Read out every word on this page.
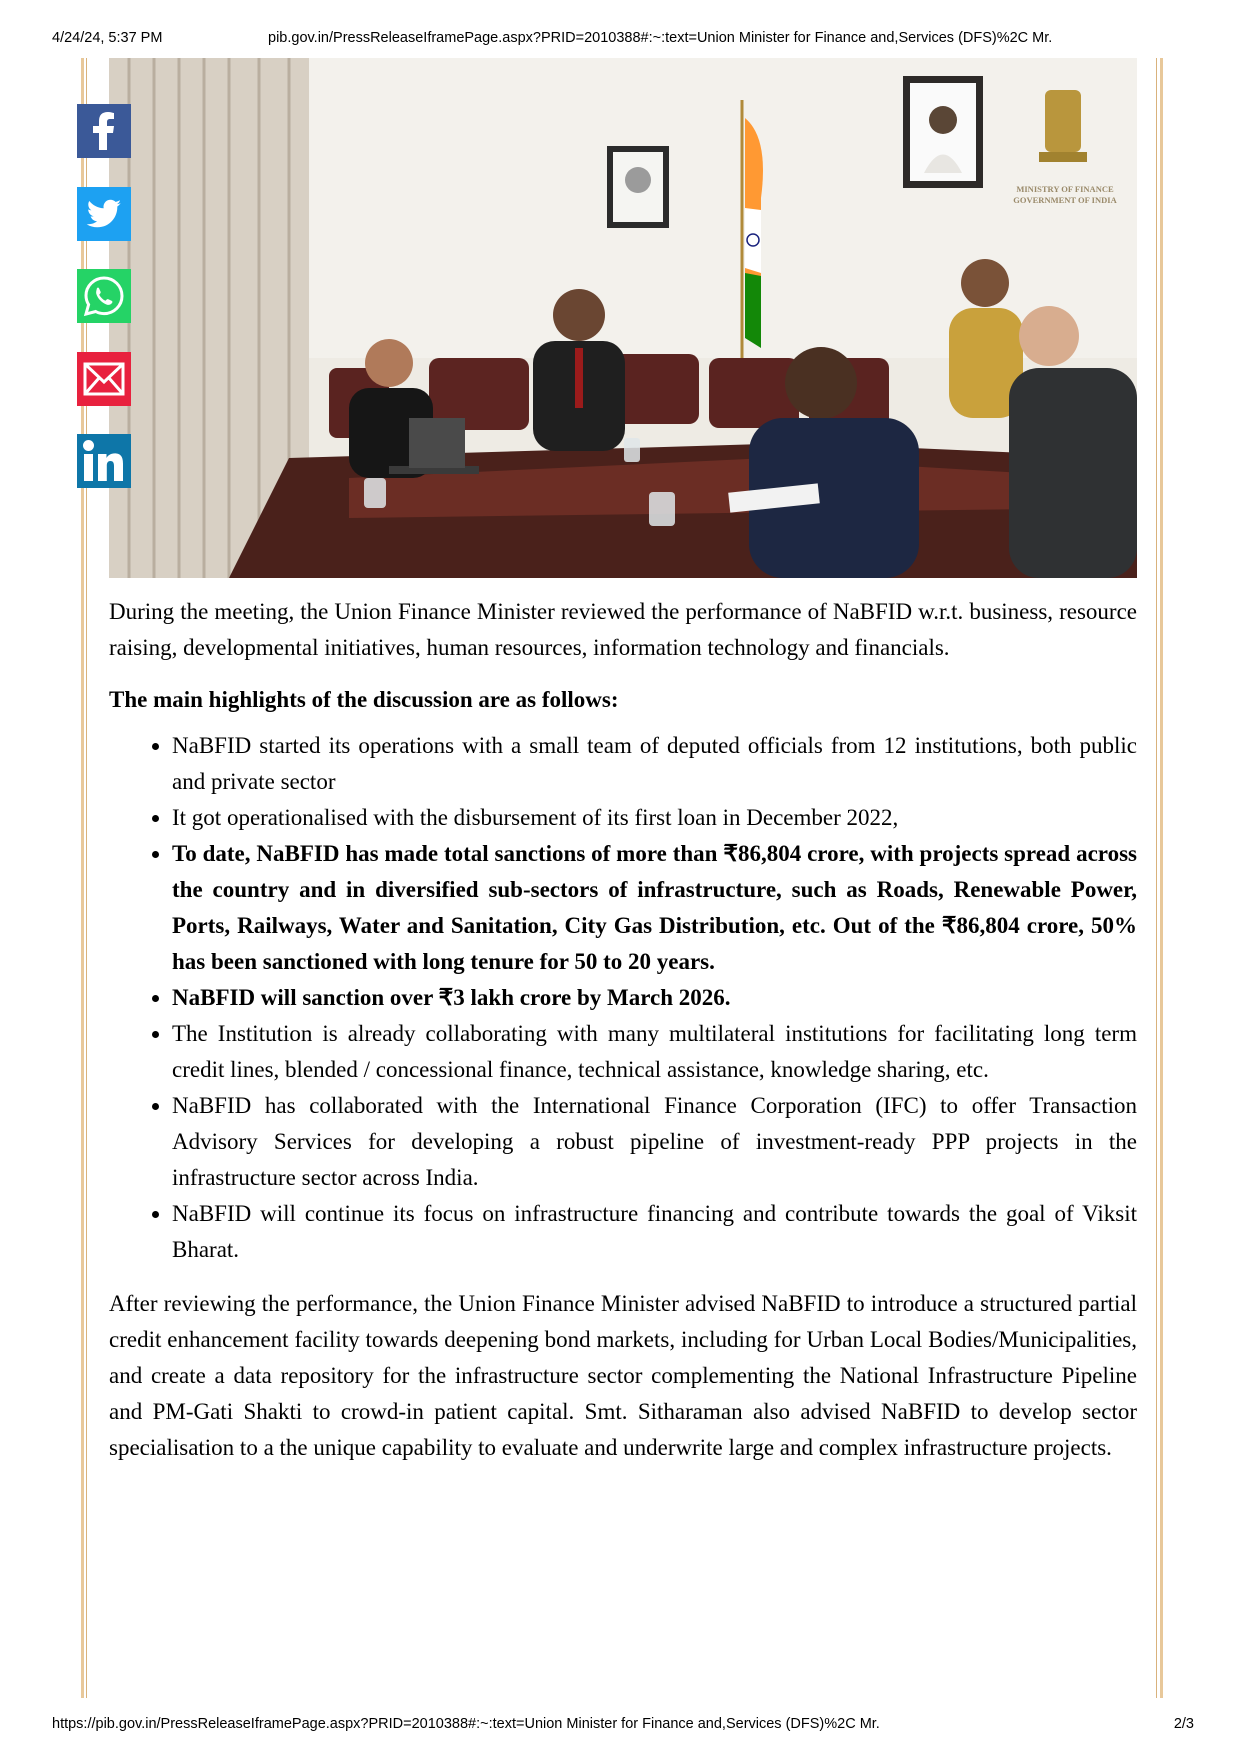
4/24/24, 5:37 PM	pib.gov.in/PressReleaseIframePage.aspx?PRID=2010388#:~:text=Union Minister for Finance and,Services (DFS)%2C Mr.
MINISTRY OF FINANCE
GOVERNMENT OF INDIA

During the meeting, the Union Finance Minister reviewed the performance of NaBFID w.r.t. business, resource raising, developmental initiatives, human resources, information technology and financials.

The main highlights of the discussion are as follows:

• NaBFID started its operations with a small team of deputed officials from 12 institutions, both public and private sector
• It got operationalised with the disbursement of its first loan in December 2022,
• To date, NaBFID has made total sanctions of more than ₹86,804 crore, with projects spread across the country and in diversified sub-sectors of infrastructure, such as Roads, Renewable Power, Ports, Railways, Water and Sanitation, City Gas Distribution, etc. Out of the ₹86,804 crore, 50% has been sanctioned with long tenure for 50 to 20 years.
• NaBFID will sanction over ₹3 lakh crore by March 2026.
• The Institution is already collaborating with many multilateral institutions for facilitating long term credit lines, blended / concessional finance, technical assistance, knowledge sharing, etc.
• NaBFID has collaborated with the International Finance Corporation (IFC) to offer Transaction Advisory Services for developing a robust pipeline of investment-ready PPP projects in the infrastructure sector across India.
• NaBFID will continue its focus on infrastructure financing and contribute towards the goal of Viksit Bharat.

After reviewing the performance, the Union Finance Minister advised NaBFID to introduce a structured partial credit enhancement facility towards deepening bond markets, including for Urban Local Bodies/Municipalities, and create a data repository for the infrastructure sector complementing the National Infrastructure Pipeline and PM-Gati Shakti to crowd-in patient capital. Smt. Sitharaman also advised NaBFID to develop sector specialisation to a the unique capability to evaluate and underwrite large and complex infrastructure projects.

https://pib.gov.in/PressReleaseIframePage.aspx?PRID=2010388#:~:text=Union Minister for Finance and,Services (DFS)%2C Mr.	2/3
